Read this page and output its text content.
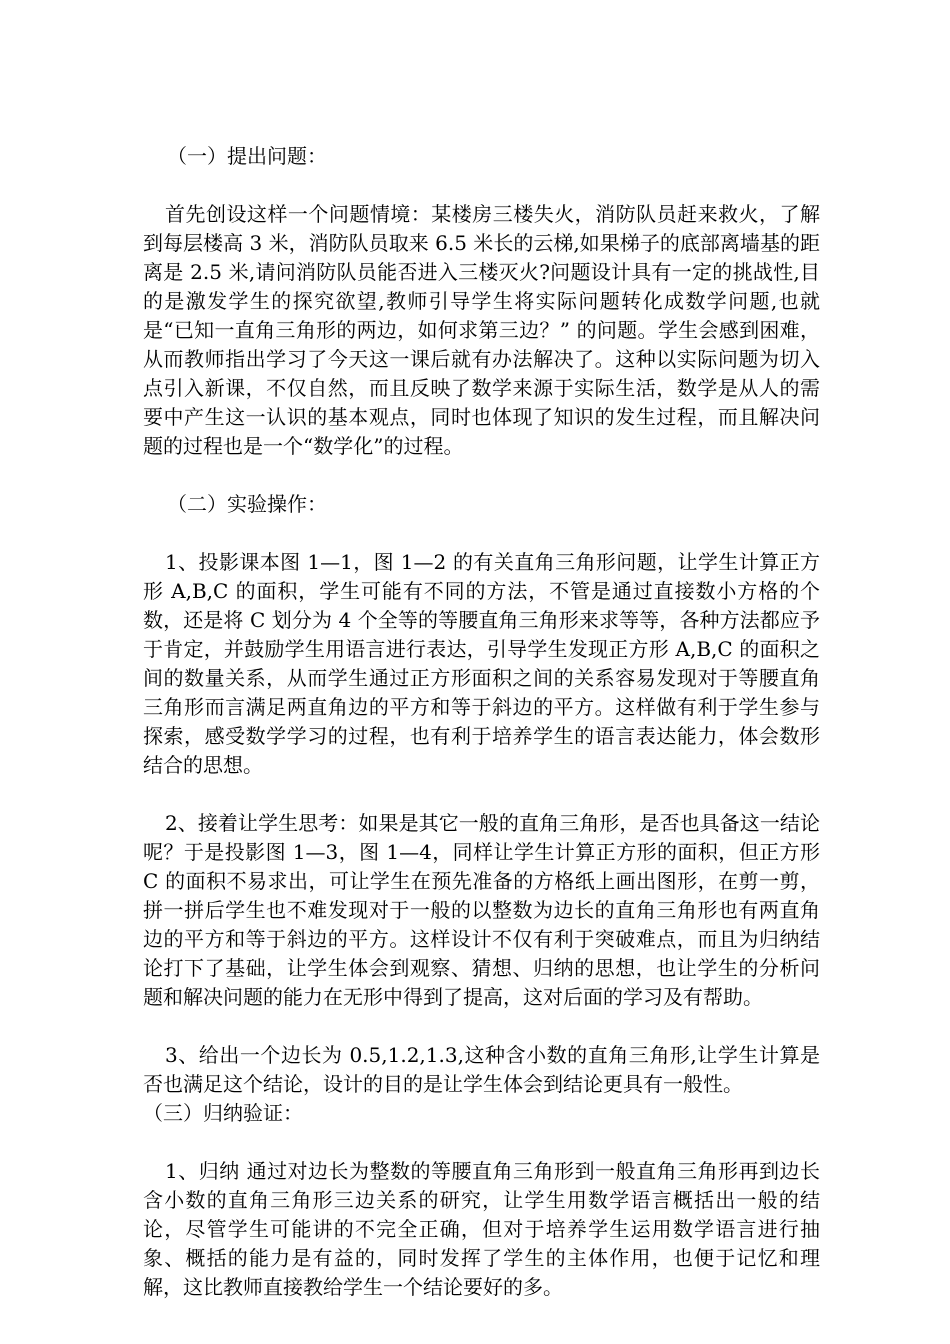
（一）提出问题：

首先创设这样一个问题情境：某楼房三楼失火，消防队员赶来救火，了解到每层楼高 3 米，消防队员取来 6.5 米长的云梯,如果梯子的底部离墙基的距离是 2.5 米,请问消防队员能否进入三楼灭火?问题设计具有一定的挑战性,目的是激发学生的探究欲望,教师引导学生将实际问题转化成数学问题,也就是“已知一直角三角形的两边，如何求第三边？” 的问题。学生会感到困难，从而教师指出学习了今天这一课后就有办法解决了。这种以实际问题为切入点引入新课，不仅自然，而且反映了数学来源于实际生活，数学是从人的需要中产生这一认识的基本观点，同时也体现了知识的发生过程，而且解决问题的过程也是一个“数学化”的过程。

（二）实验操作：

1、投影课本图 1—1，图 1—2 的有关直角三角形问题，让学生计算正方形 A,B,C 的面积，学生可能有不同的方法，不管是通过直接数小方格的个数，还是将 C 划分为 4 个全等的等腰直角三角形来求等等，各种方法都应予于肯定，并鼓励学生用语言进行表达，引导学生发现正方形 A,B,C 的面积之间的数量关系，从而学生通过正方形面积之间的关系容易发现对于等腰直角三角形而言满足两直角边的平方和等于斜边的平方。这样做有利于学生参与探索，感受数学学习的过程，也有利于培养学生的语言表达能力，体会数形结合的思想。

2、接着让学生思考：如果是其它一般的直角三角形，是否也具备这一结论呢？于是投影图 1—3，图 1—4，同样让学生计算正方形的面积，但正方形 C 的面积不易求出，可让学生在预先准备的方格纸上画出图形，在剪一剪，拼一拼后学生也不难发现对于一般的以整数为边长的直角三角形也有两直角边的平方和等于斜边的平方。这样设计不仅有利于突破难点，而且为归纳结论打下了基础，让学生体会到观察、猜想、归纳的思想，也让学生的分析问题和解决问题的能力在无形中得到了提高，这对后面的学习及有帮助。

3、给出一个边长为 0.5,1.2,1.3,这种含小数的直角三角形,让学生计算是否也满足这个结论，设计的目的是让学生体会到结论更具有一般性。

（三）归纳验证：

1、归纳 通过对边长为整数的等腰直角三角形到一般直角三角形再到边长含小数的直角三角形三边关系的研究，让学生用数学语言概括出一般的结论，尽管学生可能讲的不完全正确，但对于培养学生运用数学语言进行抽象、概括的能力是有益的，同时发挥了学生的主体作用，也便于记忆和理解，这比教师直接教给学生一个结论要好的多。
